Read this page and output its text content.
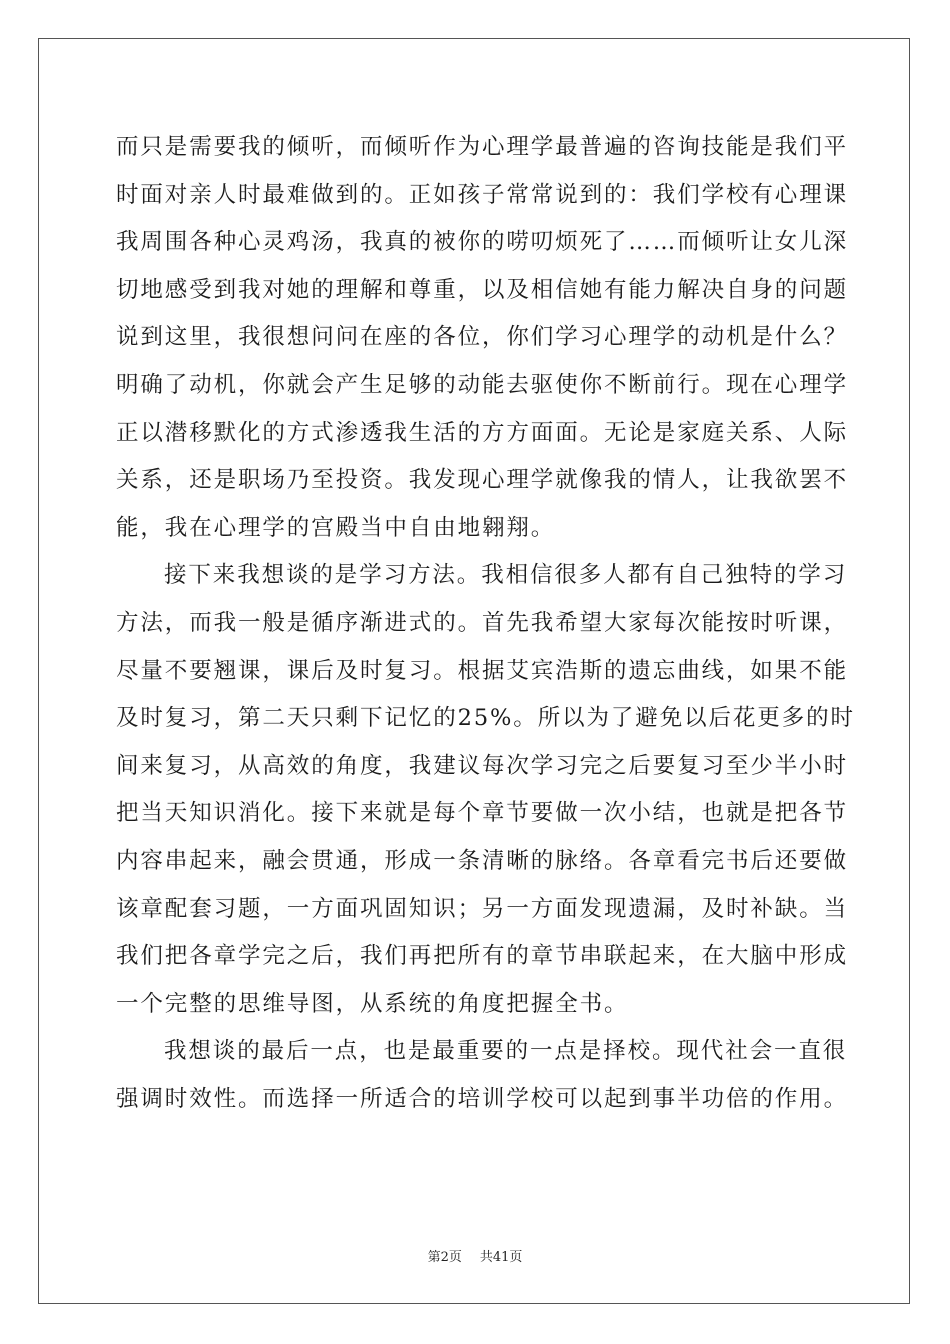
而只是需要我的倾听，而倾听作为心理学最普遍的咨询技能是我们平
时面对亲人时最难做到的。正如孩子常常说到的：我们学校有心理课
我周围各种心灵鸡汤，我真的被你的唠叨烦死了……而倾听让女儿深
切地感受到我对她的理解和尊重，以及相信她有能力解决自身的问题
说到这里，我很想问问在座的各位，你们学习心理学的动机是什么？
明确了动机，你就会产生足够的动能去驱使你不断前行。现在心理学
正以潜移默化的方式渗透我生活的方方面面。无论是家庭关系、人际
关系，还是职场乃至投资。我发现心理学就像我的情人，让我欲罢不
能，我在心理学的宫殿当中自由地翱翔。
接下来我想谈的是学习方法。我相信很多人都有自己独特的学习
方法，而我一般是循序渐进式的。首先我希望大家每次能按时听课，
尽量不要翘课，课后及时复习。根据艾宾浩斯的遗忘曲线，如果不能
及时复习，第二天只剩下记忆的25%。所以为了避免以后花更多的时
间来复习，从高效的角度，我建议每次学习完之后要复习至少半小时
把当天知识消化。接下来就是每个章节要做一次小结，也就是把各节
内容串起来，融会贯通，形成一条清晰的脉络。各章看完书后还要做
该章配套习题，一方面巩固知识；另一方面发现遗漏，及时补缺。当
我们把各章学完之后，我们再把所有的章节串联起来，在大脑中形成
一个完整的思维导图，从系统的角度把握全书。
我想谈的最后一点，也是最重要的一点是择校。现代社会一直很
强调时效性。而选择一所适合的培训学校可以起到事半功倍的作用。
第2页 共41页
